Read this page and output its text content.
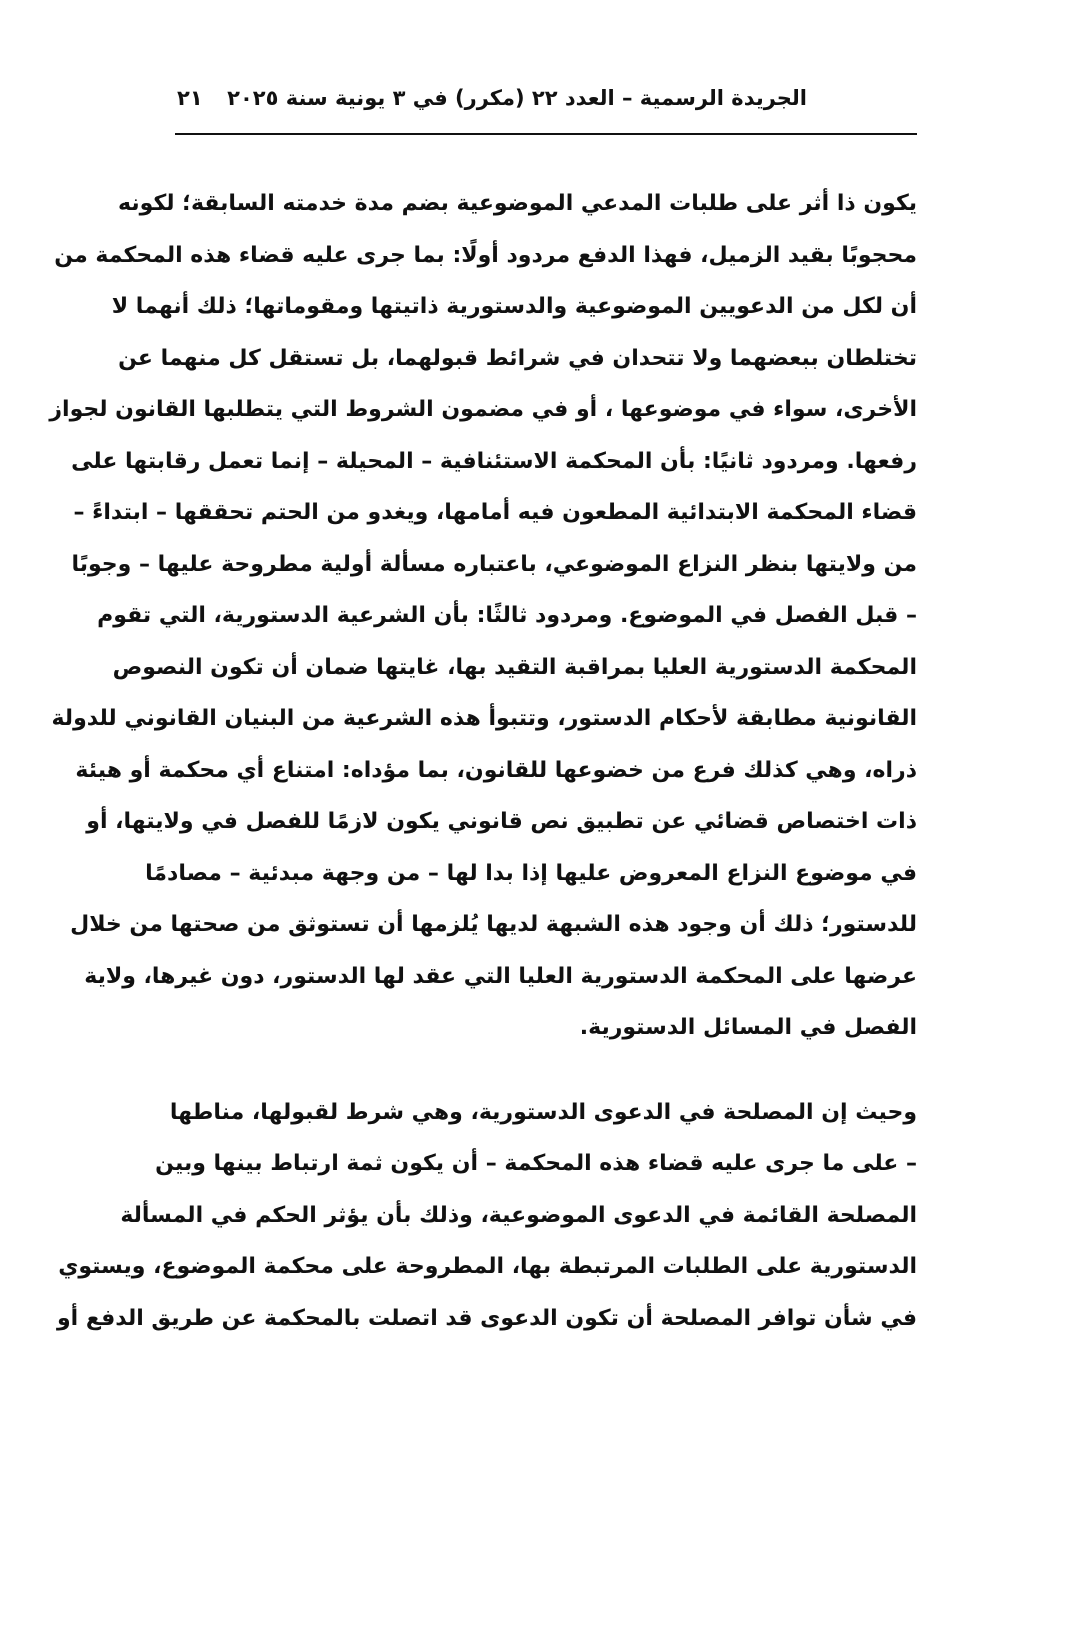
الجريدة الرسمية – العدد ٢٢ (مكرر) في ٣ يونية سنة ٢٠٢٥
٢١
يكون ذا أثر على طلبات المدعي الموضوعية بضم مدة خدمته السابقة؛ لكونه
محجوبًا بقيد الزميل، فهذا الدفع مردود أولًا: بما جرى عليه قضاء هذه المحكمة من
أن لكل من الدعويين الموضوعية والدستورية ذاتيتها ومقوماتها؛ ذلك أنهما لا
تختلطان ببعضهما ولا تتحدان في شرائط قبولهما، بل تستقل كل منهما عن
الأخرى، سواء في موضوعها ، أو في مضمون الشروط التي يتطلبها القانون لجواز
رفعها. ومردود ثانيًا: بأن المحكمة الاستئنافية – المحيلة – إنما تعمل رقابتها على
قضاء المحكمة الابتدائية المطعون فيه أمامها، ويغدو من الحتم تحققها – ابتداءً –
من ولايتها بنظر النزاع الموضوعي، باعتباره مسألة أولية مطروحة عليها – وجوبًا
– قبل الفصل في الموضوع. ومردود ثالثًا: بأن الشرعية الدستورية، التي تقوم
المحكمة الدستورية العليا بمراقبة التقيد بها، غايتها ضمان أن تكون النصوص
القانونية مطابقة لأحكام الدستور، وتتبوأ هذه الشرعية من البنيان القانوني للدولة
ذراه، وهي كذلك فرع من خضوعها للقانون، بما مؤداه: امتناع أي محكمة أو هيئة
ذات اختصاص قضائي عن تطبيق نص قانوني يكون لازمًا للفصل في ولايتها، أو
في موضوع النزاع المعروض عليها إذا بدا لها – من وجهة مبدئية – مصادمًا
للدستور؛ ذلك أن وجود هذه الشبهة لديها يُلزمها أن تستوثق من صحتها من خلال
عرضها على المحكمة الدستورية العليا التي عقد لها الدستور، دون غيرها، ولاية
الفصل في المسائل الدستورية.
وحيث إن المصلحة في الدعوى الدستورية، وهي شرط لقبولها، مناطها
– على ما جرى عليه قضاء هذه المحكمة – أن يكون ثمة ارتباط بينها وبين
المصلحة القائمة في الدعوى الموضوعية، وذلك بأن يؤثر الحكم في المسألة
الدستورية على الطلبات المرتبطة بها، المطروحة على محكمة الموضوع، ويستوي
في شأن توافر المصلحة أن تكون الدعوى قد اتصلت بالمحكمة عن طريق الدفع أو
